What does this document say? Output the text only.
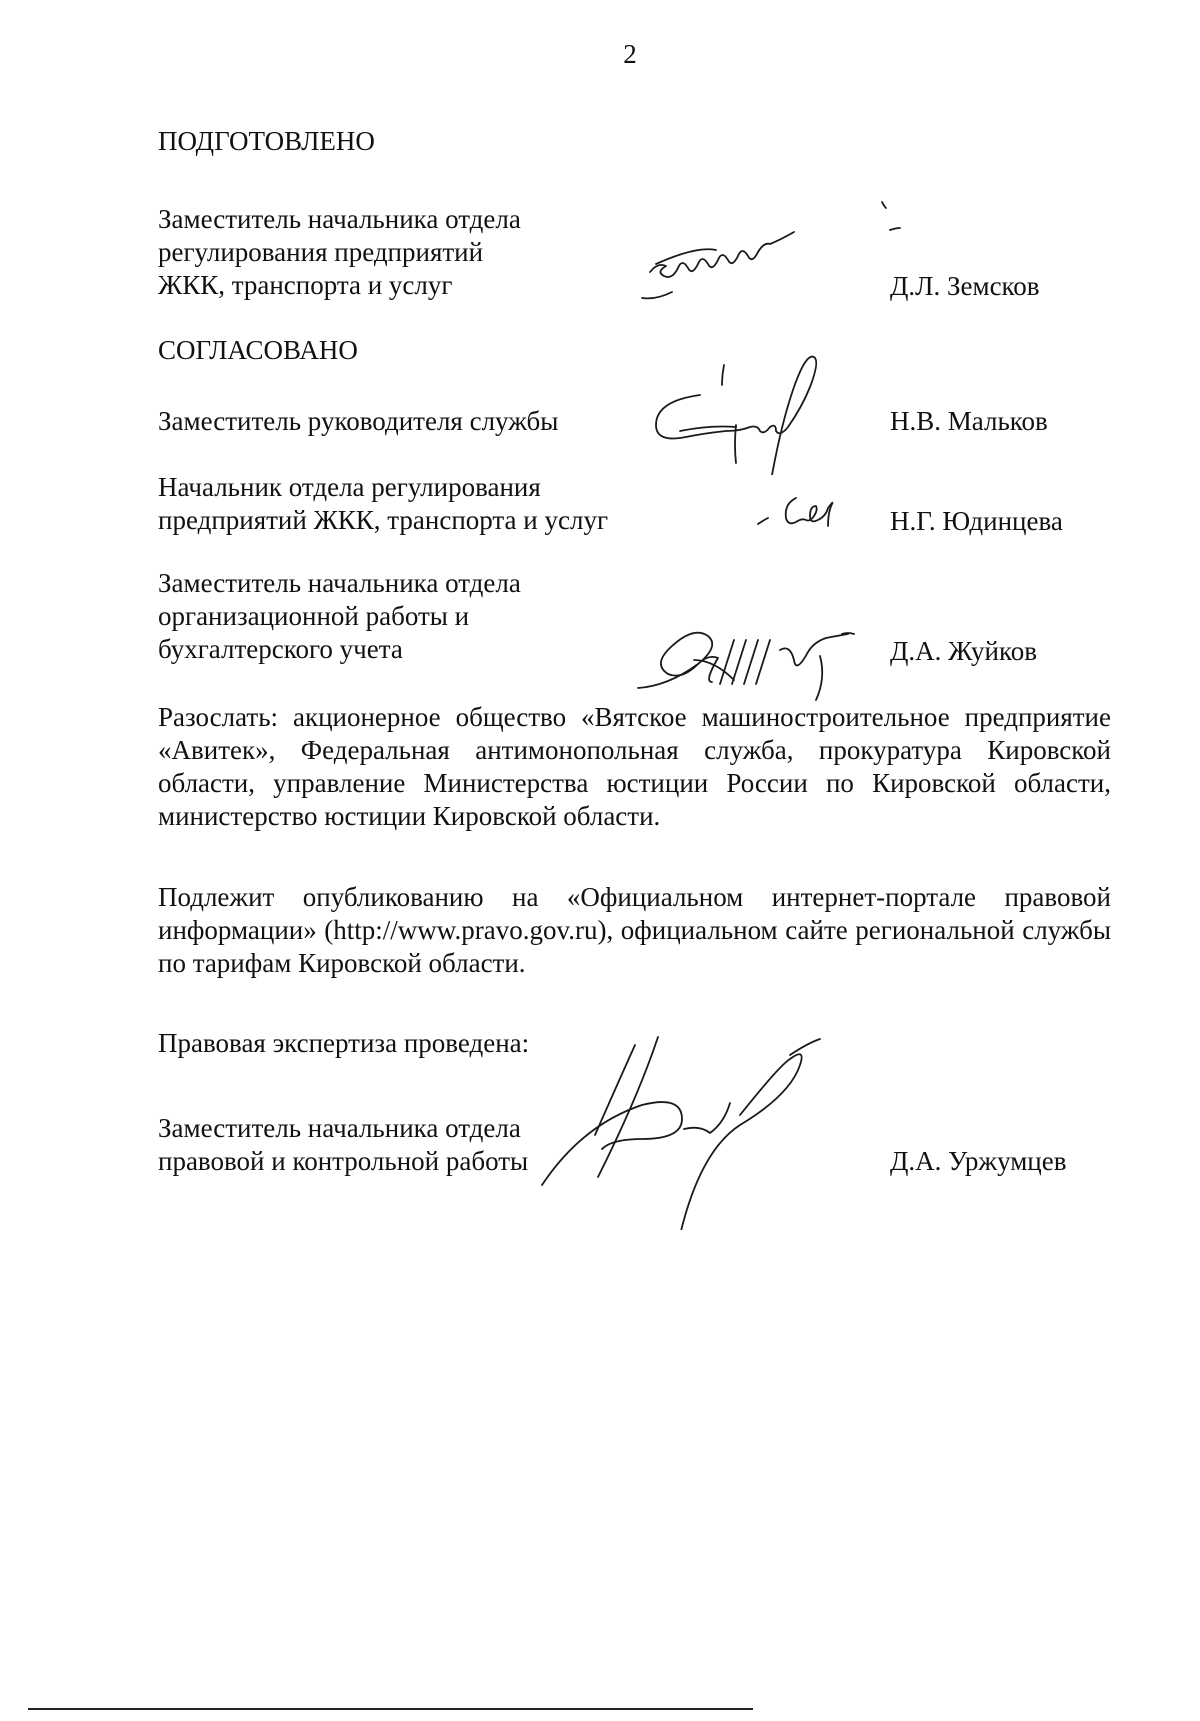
2
ПОДГОТОВЛЕНО
Заместитель начальника отдела
регулирования предприятий
ЖКК, транспорта и услуг	Д.Л. Земсков
СОГЛАСОВАНО
Заместитель руководителя службы	Н.В. Мальков
Начальник отдела регулирования
предприятий ЖКК, транспорта и услуг	Н.Г. Юдинцева
Заместитель начальника отдела
организационной работы и
бухгалтерского учета	Д.А. Жуйков
Разослать: акционерное общество «Вятское машиностроительное предприятие «Авитек», Федеральная антимонопольная служба, прокуратура Кировской области, управление Министерства юстиции России по Кировской области, министерство юстиции Кировской области.
Подлежит опубликованию на «Официальном интернет-портале правовой информации» (http://www.pravo.gov.ru), официальном сайте региональной службы по тарифам Кировской области.
Правовая экспертиза проведена:
Заместитель начальника отдела
правовой и контрольной работы	Д.А. Уржумцев
